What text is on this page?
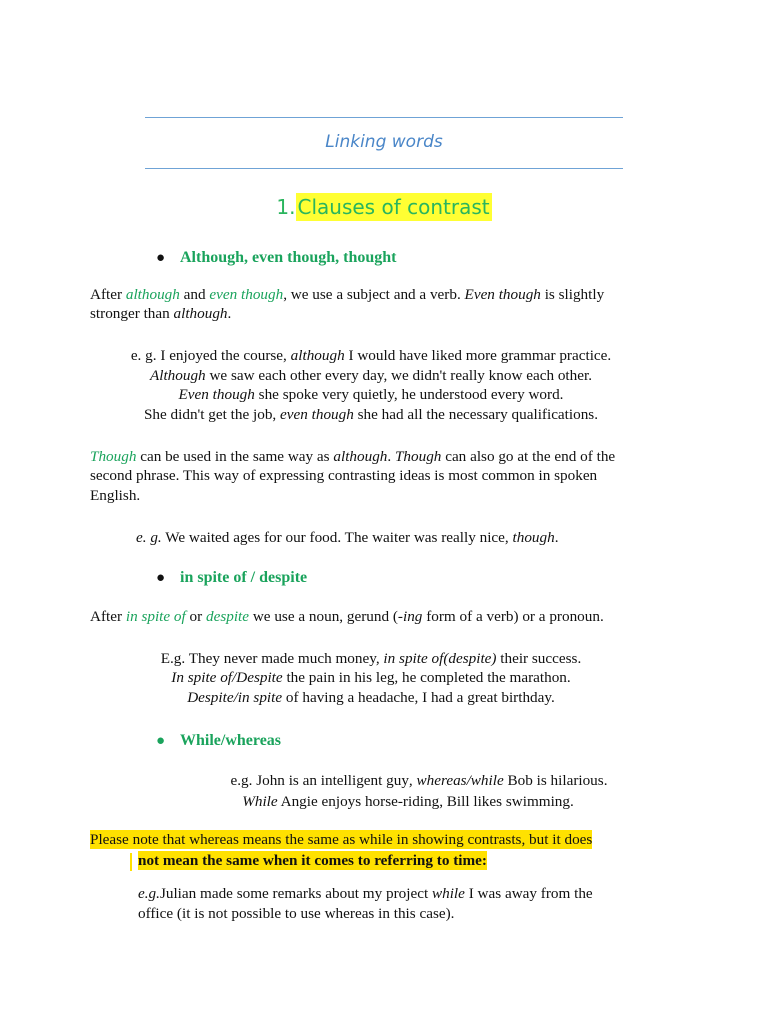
Linking words
1. Clauses of contrast
● Although, even though, thought
After although and even though, we use a subject and a verb. Even though is slightly
stronger than although.
e. g. I enjoyed the course, although I would have liked more grammar practice.
Although we saw each other every day, we didn't really know each other.
Even though she spoke very quietly, he understood every word.
She didn't get the job, even though she had all the necessary qualifications.
Though can be used in the same way as although. Though can also go at the end of the
second phrase. This way of expressing contrasting ideas is most common in spoken
English.
e. g. We waited ages for our food. The waiter was really nice, though.
● in spite of / despite
After in spite of or despite we use a noun, gerund (-ing form of a verb) or a pronoun.
E.g. They never made much money, in spite of(despite) their success.
In spite of/Despite the pain in his leg, he completed the marathon.
Despite/in spite of having a headache, I had a great birthday.
● While/whereas
e.g. John is an intelligent guy, whereas/while Bob is hilarious.
While Angie enjoys horse-riding, Bill likes swimming.
Please note that whereas means the same as while in showing contrasts, but it does
not mean the same when it comes to referring to time:
e.g.Julian made some remarks about my project while I was away from the
office (it is not possible to use whereas in this case).
